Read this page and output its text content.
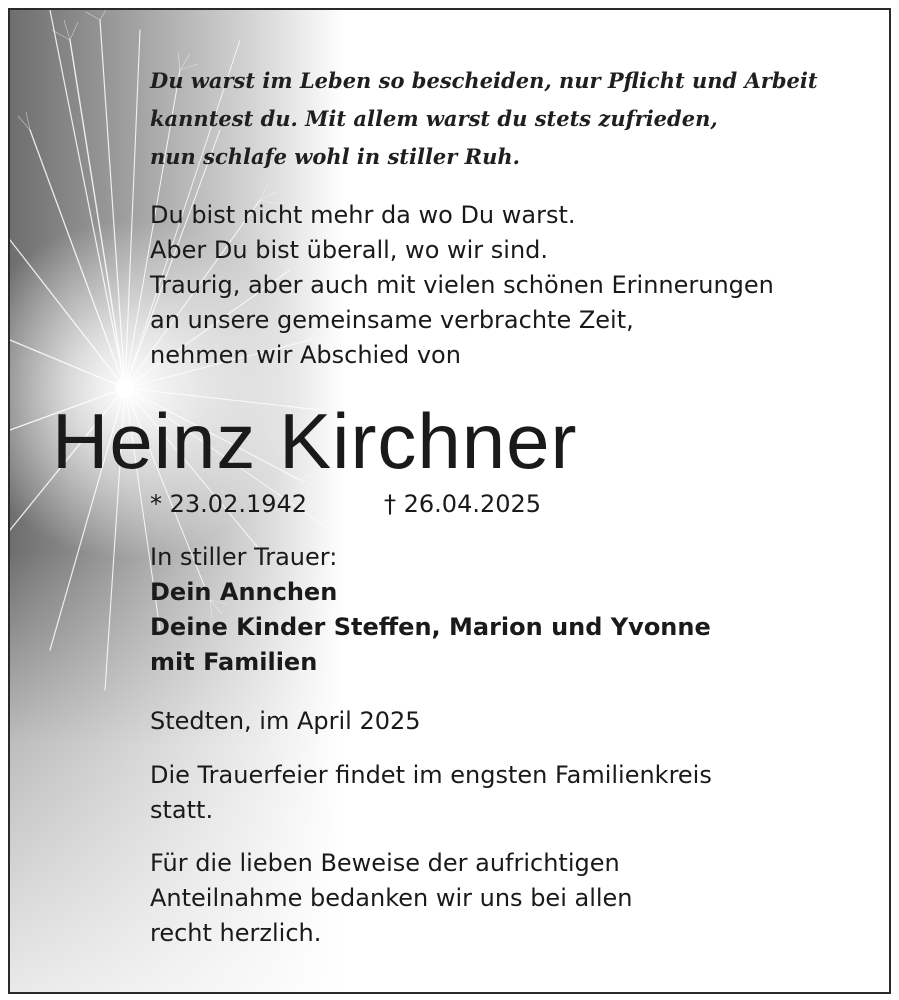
Du warst im Leben so bescheiden, nur Pflicht und Arbeit
kanntest du. Mit allem warst du stets zufrieden,
nun schlafe wohl in stiller Ruh.
Du bist nicht mehr da wo Du warst.
Aber Du bist überall, wo wir sind.
Traurig, aber auch mit vielen schönen Erinnerungen
an unsere gemeinsame verbrachte Zeit,
nehmen wir Abschied von
Heinz Kirchner
* 23.02.1942	† 26.04.2025
In stiller Trauer:
Dein Annchen
Deine Kinder Steffen, Marion und Yvonne
mit Familien
Stedten, im April 2025
Die Trauerfeier findet im engsten Familienkreis
statt.
Für die lieben Beweise der aufrichtigen
Anteilnahme bedanken wir uns bei allen
recht herzlich.
